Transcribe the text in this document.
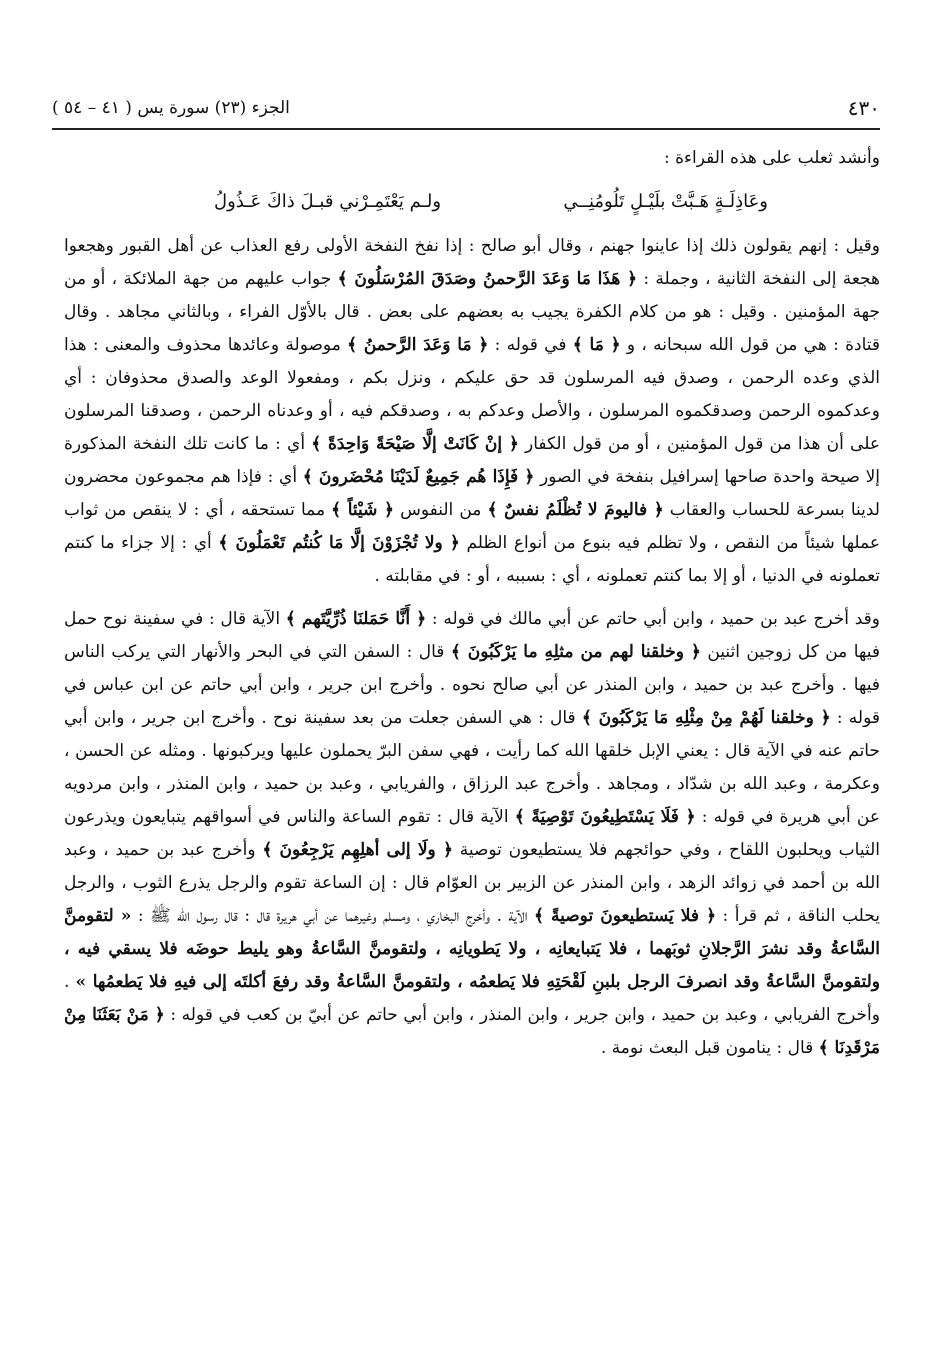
٤٣٠
الجزء (٢٣) سورة يس ( ٤١ – ٥٤ )

وأنشد ثعلب على هذه القراءة :

وعَاذِلَـةٍ هَـبَّتْ بلَيْـلٍ تَلُومُنِــي
ولـم يَعْتَمِـرْني قبـلَ ذاكَ عَـذُولُ

وقيل : إنهم يقولون ذلك إذا عاينوا جهنم ، وقال أبو صالح : إذا نفخ النفخة الأولى رفع العذاب عن أهل القبور وهجعوا هجعة إلى النفخة الثانية ، وجملة : ﴿ هَذَا مَا وَعَدَ الرَّحمنُ وصَدَقَ المُرْسَلُونَ ﴾ جواب عليهم من جهة الملائكة ، أو من جهة المؤمنين . وقيل : هو من كلام الكفرة يجيب به بعضهم على بعض . قال بالأوّل الفراء ، وبالثاني مجاهد . وقال قتادة : هي من قول الله سبحانه ، و ﴿ مَا ﴾ في قوله : ﴿ مَا وَعَدَ الرَّحمنُ ﴾ موصولة وعائدها محذوف والمعنى : هذا الذي وعده الرحمن ، وصدق فيه المرسلون قد حق عليكم ، ونزل بكم ، ومفعولا الوعد والصدق محذوفان : أي وعدكموه الرحمن وصدقكموه المرسلون ، والأصل وعدكم به ، وصدقكم فيه ، أو وعدناه الرحمن ، وصدقنا المرسلون على أن هذا من قول المؤمنين ، أو من قول الكفار ﴿ إنْ كَانَتْ إلَّا صَيْحَةً وَاحِدَةً ﴾ أي : ما كانت تلك النفخة المذكورة إلا صيحة واحدة صاحها إسرافيل بنفخة في الصور ﴿ فَإِذَا هُم جَمِيعٌ لَدَيْنَا مُحْضَرونَ ﴾ أي : فإذا هم مجموعون محضرون لدينا بسرعة للحساب والعقاب ﴿ فاليومَ لا تُظْلَمُ نفسٌ ﴾ من النفوس ﴿ شَيْئاً ﴾ مما تستحقه ، أي : لا ينقص من ثواب عملها شيئاً من النقص ، ولا تظلم فيه بنوع من أنواع الظلم ﴿ ولا تُجْزَوْنَ إلَّا مَا كُنتُم تَعْمَلُونَ ﴾ أي : إلا جزاء ما كنتم تعملونه في الدنيا ، أو إلا بما كنتم تعملونه ، أي : بسببه ، أو : في مقابلته .

وقد أخرج عبد بن حميد ، وابن أبي حاتم عن أبي مالك في قوله : ﴿ أَنَّا حَمَلنَا ذُرِّيَّتَهم ﴾ الآية قال : في سفينة نوح حمل فيها من كل زوجين اثنين ﴿ وخلقنا لهم من مثلِهِ ما يَرْكَبُونَ ﴾ قال : السفن التي في البحر والأنهار التي يركب الناس فيها . وأخرج عبد بن حميد ، وابن المنذر عن أبي صالح نحوه . وأخرج ابن جرير ، وابن أبي حاتم عن ابن عباس في قوله : ﴿ وخلقنا لَهُمْ مِنْ مِثْلِهِ مَا يَرْكَبُونَ ﴾ قال : هي السفن جعلت من بعد سفينة نوح . وأخرج ابن جرير ، وابن أبي حاتم عنه في الآية قال : يعني الإبل خلقها الله كما رأيت ، فهي سفن البرّ يحملون عليها ويركبونها . ومثله عن الحسن ، وعكرمة ، وعبد الله بن شدّاد ، ومجاهد . وأخرج عبد الرزاق ، والفريابي ، وعبد بن حميد ، وابن المنذر ، وابن مردويه عن أبي هريرة في قوله : ﴿ فَلَا يَسْتَطِيعُونَ تَوْصِيَةً ﴾ الآية قال : تقوم الساعة والناس في أسواقهم يتبايعون ويذرعون الثياب ويحلبون اللقاح ، وفي حوائجهم فلا يستطيعون توصية ﴿ ولَا إلى أهلِهِم يَرْجِعُونَ ﴾ وأخرج عبد بن حميد ، وعبد الله بن أحمد في زوائد الزهد ، وابن المنذر عن الزبير بن العوّام قال : إن الساعة تقوم والرجل يذرع الثوب ، والرجل يحلب الناقة ، ثم قرأ : ﴿ فلا يَستطيعونَ توصيةً ﴾ الآية . وأخرج البخاري ، ومسلم وغيرهما عن أبي هريرة قال : قال رسول الله ﷺ : « لتقومنَّ السَّاعةُ وقد نشرَ الرَّجلانِ ثوبَهما ، فلا يَتبايعانِه ، ولا يَطويانِه ، ولتقومنَّ السَّاعةُ وهو يليط حوضَه فلا يسقي فيه ، ولتقومنَّ السَّاعةُ وقد انصرفَ الرجل بلبنِ لَقْحَتِهِ فلا يَطعمُه ، ولتقومنَّ السَّاعةُ وقد رفعَ أكلتَه إلى فيهِ فلا يَطعمُها » . وأخرج الفريابي ، وعبد بن حميد ، وابن جرير ، وابن المنذر ، وابن أبي حاتم عن أبيّ بن كعب في قوله : ﴿ مَنْ بَعَثَنَا مِنْ مَرْقَدِنَا ﴾ قال : ينامون قبل البعث نومة .
